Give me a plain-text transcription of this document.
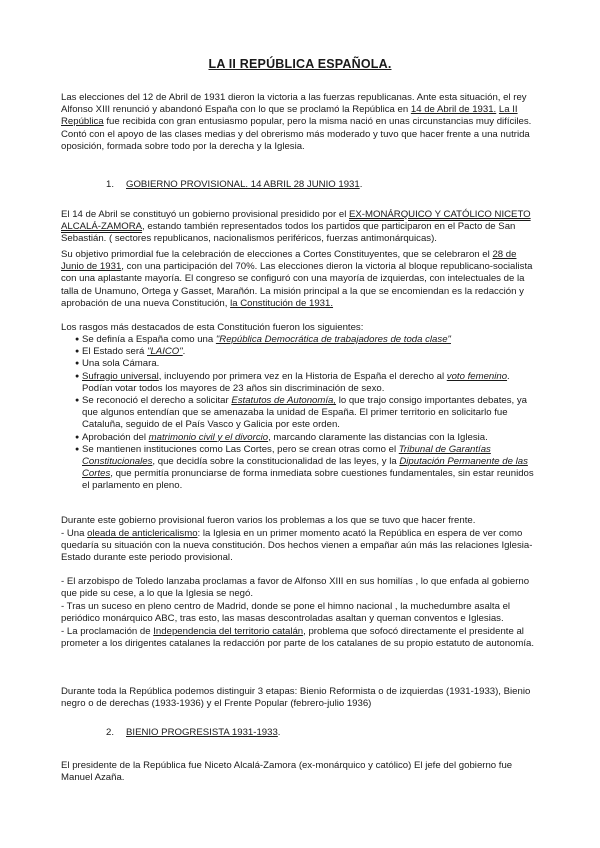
LA II REPÚBLICA ESPAÑOLA.
Las elecciones del 12 de Abril de 1931 dieron la victoria a las fuerzas republicanas. Ante esta situación, el rey Alfonso XIII renunció y abandonó España con lo que se proclamó la República en 14 de Abril de 1931. La II República fue recibida con gran entusiasmo popular, pero la misma nació en unas circunstancias muy difíciles. Contó con el apoyo de las clases medias y del obrerismo más moderado y tuvo que hacer frente a una nutrida oposición, formada sobre todo por la derecha y la Iglesia.
1. GOBIERNO PROVISIONAL. 14 ABRIL 28 JUNIO 1931.
El 14 de Abril se constituyó un gobierno provisional presidido por el EX-MONÁRQUICO Y CATÓLICO NICETO ALCALÁ-ZAMORA, estando también representados todos los partidos que participaron en el Pacto de San Sebastián. ( sectores republicanos, nacionalismos periféricos, fuerzas antimonárquicas).
Su objetivo primordial fue la celebración de elecciones a Cortes Constituyentes, que se celebraron el 28 de Junio de 1931, con una participación del 70%. Las elecciones dieron la victoria al bloque republicano-socialista con una aplastante mayoría. El congreso se configuró con una mayoría de izquierdas, con intelectuales de la talla de Unamuno, Ortega y Gasset, Marañón. La misión principal a la que se encomiendan es la redacción y aprobación de una nueva Constitución, la Constitución de 1931.
Los rasgos más destacados de esta Constitución fueron los siguientes:
● Se definía a España como una "República Democrática de trabajadores de toda clase"
● El Estado será "LAICO".
● Una sola Cámara.
● Sufragio universal, incluyendo por primera vez en la Historia de España el derecho al voto femenino. Podían votar todos los mayores de 23 años sin discriminación de sexo.
● Se reconoció el derecho a solicitar Estatutos de Autonomía, lo que trajo consigo importantes debates, ya que algunos entendían que se amenazaba la unidad de España. El primer territorio en solicitarlo fue Cataluña, seguido de el País Vasco y Galicia por este orden.
● Aprobación del matrimonio civil y el divorcio, marcando claramente las distancias con la Iglesia.
● Se mantienen instituciones como Las Cortes, pero se crean otras como el Tribunal de Garantías Constitucionales, que decidía sobre la constitucionalidad de las leyes, y la Diputación Permanente de las Cortes, que permitía pronunciarse de forma inmediata sobre cuestiones fundamentales, sin estar reunidos el parlamento en pleno.
Durante este gobierno provisional fueron varios los problemas a los que se tuvo que hacer frente.
- Una oleada de anticlericalismo: la Iglesia en un primer momento acató la República en espera de ver como quedaría su situación con la nueva constitución. Dos hechos vienen a empañar aún más las relaciones Iglesia-Estado durante este periodo provisional.
- El arzobispo de Toledo lanzaba proclamas a favor de Alfonso XIII en sus homilías , lo que enfada al gobierno que pide su cese, a lo que la Iglesia se negó.
- Tras un suceso en pleno centro de Madrid, donde se pone el himno nacional , la muchedumbre asalta el periódico monárquico ABC, tras esto, las masas descontroladas asaltan y queman conventos e Iglesias.
- La proclamación de Independencia del territorio catalán, problema que sofocó directamente el presidente al prometer a los dirigentes catalanes la redacción por parte de los catalanes de su propio estatuto de autonomía.
Durante toda la República podemos distinguir 3 etapas: Bienio Reformista o de izquierdas (1931-1933), Bienio negro o de derechas (1933-1936) y el Frente Popular (febrero-julio 1936)
2. BIENIO PROGRESISTA 1931-1933.
El presidente de la República fue Niceto Alcalá-Zamora (ex-monárquico y católico) El jefe del gobierno fue Manuel Azaña.
